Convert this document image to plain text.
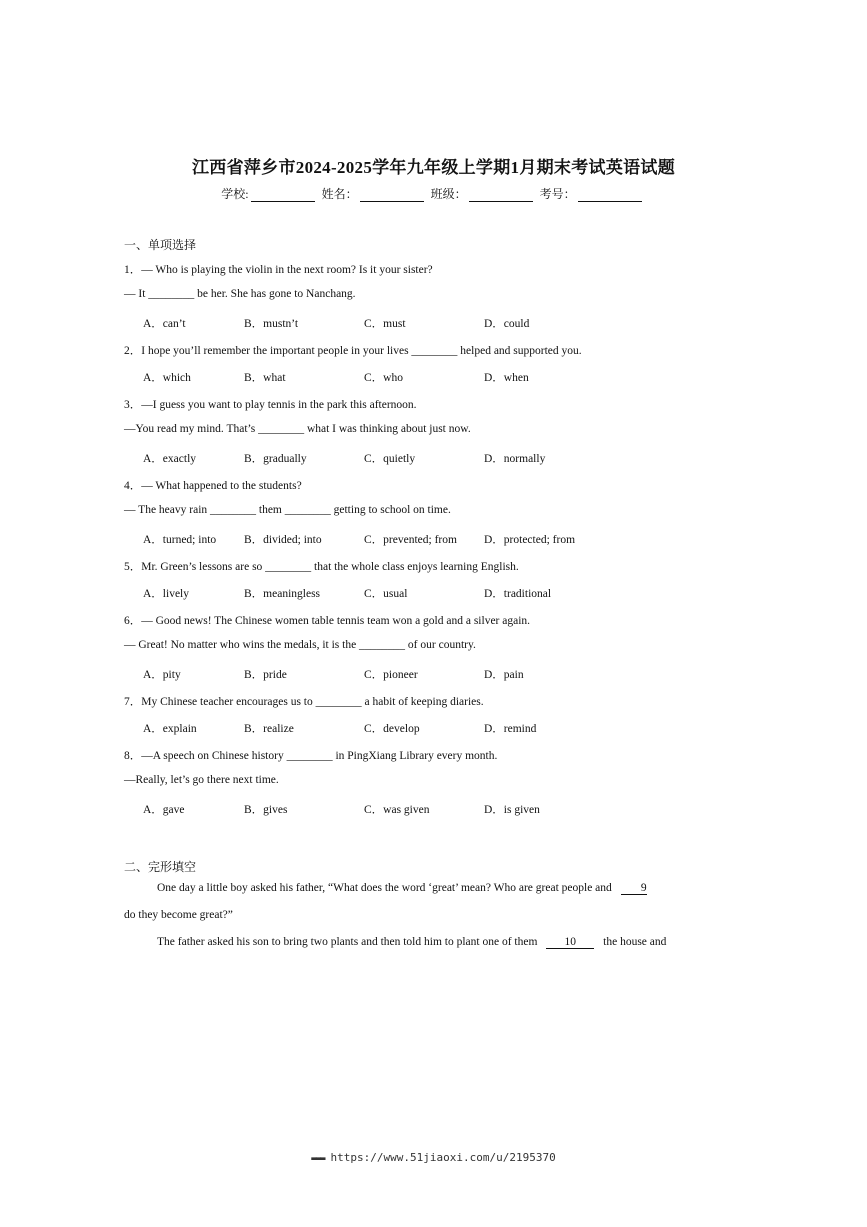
江西省萍乡市2024-2025学年九年级上学期1月期末考试英语试题
学校:	姓名：	班级：	考号：
一、单项选择
1．— Who is playing the violin in the next room? Is it your sister?
— It ________ be her. She has gone to Nanchang.
A．can’t	B．mustn’t	C．must	D．could
2．I hope you’ll remember the important people in your lives ________ helped and supported you.
A．which	B．what	C．who	D．when
3．—I guess you want to play tennis in the park this afternoon.
—You read my mind. That’s ________ what I was thinking about just now.
A．exactly	B．gradually	C．quietly	D．normally
4．— What happened to the students?
— The heavy rain ________ them ________ getting to school on time.
A．turned; into B．divided; into	C．prevented; from D．protected; from
5．Mr. Green’s lessons are so ________ that the whole class enjoys learning English.
A．lively	B．meaningless	C．usual	D．traditional
6．— Good news! The Chinese women table tennis team won a gold and a silver again.
— Great! No matter who wins the medals, it is the ________ of our country.
A．pity	B．pride	C．pioneer	D．pain
7．My Chinese teacher encourages us to ________ a habit of keeping diaries.
A．explain	B．realize	C．develop	D．remind
8．—A speech on Chinese history ________ in PingXiang Library every month.
—Really, let’s go there next time.
A．gave	B．gives	C．was given	D．is given
二、完形填空
One day a little boy asked his father, “What does the word ‘great’ mean? Who are great people and	9
do they become great?”
The father asked his son to bring two plants and then told him to plant one of them 10 the house and
▬▬▬ https://www.51jiaoxi.com/u/2195370
